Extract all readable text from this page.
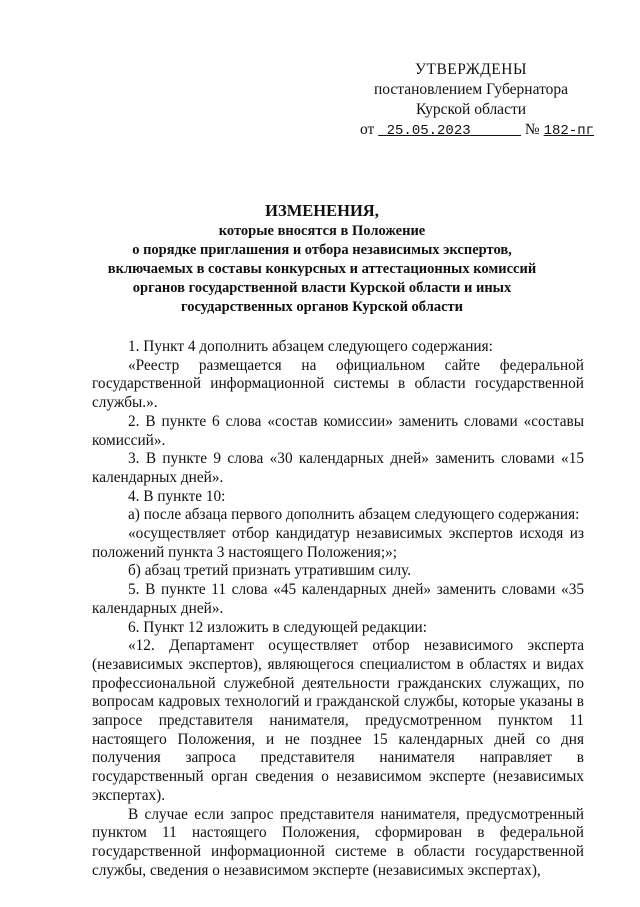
УТВЕРЖДЕНЫ
постановлением Губернатора
Курской области
от 25.05.2023	№ 182-пг
ИЗМЕНЕНИЯ,
которые вносятся в Положение
о порядке приглашения и отбора независимых экспертов,
включаемых в составы конкурсных и аттестационных комиссий
органов государственной власти Курской области и иных
государственных органов Курской области

1. Пункт 4 дополнить абзацем следующего содержания:

«Реестр размещается на официальном сайте федеральной государственной информационной системы в области государственной службы.».

2. В пункте 6 слова «состав комиссии» заменить словами «составы комиссий».

3. В пункте 9 слова «30 календарных дней» заменить словами «15 календарных дней».

4. В пункте 10:

а) после абзаца первого дополнить абзацем следующего содержания:

«осуществляет отбор кандидатур независимых экспертов исходя из положений пункта 3 настоящего Положения;»;

б) абзац третий признать утратившим силу.

5. В пункте 11 слова «45 календарных дней» заменить словами «35 календарных дней».

6. Пункт 12 изложить в следующей редакции:

«12. Департамент осуществляет отбор независимого эксперта (независимых экспертов), являющегося специалистом в областях и видах профессиональной служебной деятельности гражданских служащих, по вопросам кадровых технологий и гражданской службы, которые указаны в запросе представителя нанимателя, предусмотренном пунктом 11 настоящего Положения, и не позднее 15 календарных дней со дня получения запроса представителя нанимателя направляет в государственный орган сведения о независимом эксперте (независимых экспертах).

В случае если запрос представителя нанимателя, предусмотренный пунктом 11 настоящего Положения, сформирован в федеральной государственной информационной системе в области государственной службы, сведения о независимом эксперте (независимых экспертах),
